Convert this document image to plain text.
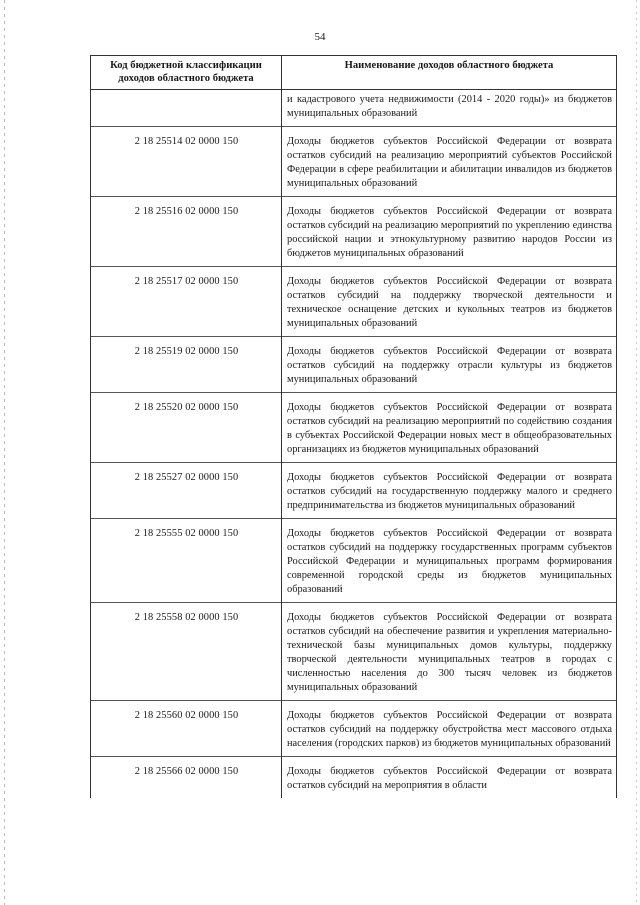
54
Код бюджетной классификации доходов областного бюджета	Наименование доходов областного бюджета
	и кадастрового учета недвижимости (2014 - 2020 годы)» из бюджетов муниципальных образований
2 18 25514 02 0000 150	Доходы бюджетов субъектов Российской Федерации от возврата остатков субсидий на реализацию мероприятий субъектов Российской Федерации в сфере реабилитации и абилитации инвалидов из бюджетов муниципальных образований
2 18 25516 02 0000 150	Доходы бюджетов субъектов Российской Федерации от возврата остатков субсидий на реализацию мероприятий по укреплению единства российской нации и этнокультурному развитию народов России из бюджетов муниципальных образований
2 18 25517 02 0000 150	Доходы бюджетов субъектов Российской Федерации от возврата остатков субсидий на поддержку творческой деятельности и техническое оснащение детских и кукольных театров из бюджетов муниципальных образований
2 18 25519 02 0000 150	Доходы бюджетов субъектов Российской Федерации от возврата остатков субсидий на поддержку отрасли культуры из бюджетов муниципальных образований
2 18 25520 02 0000 150	Доходы бюджетов субъектов Российской Федерации от возврата остатков субсидий на реализацию мероприятий по содействию создания в субъектах Российской Федерации новых мест в общеобразовательных организациях из бюджетов муниципальных образований
2 18 25527 02 0000 150	Доходы бюджетов субъектов Российской Федерации от возврата остатков субсидий на государственную поддержку малого и среднего предпринимательства из бюджетов муниципальных образований
2 18 25555 02 0000 150	Доходы бюджетов субъектов Российской Федерации от возврата остатков субсидий на поддержку государственных программ субъектов Российской Федерации и муниципальных программ формирования современной городской среды из бюджетов муниципальных образований
2 18 25558 02 0000 150	Доходы бюджетов субъектов Российской Федерации от возврата остатков субсидий на обеспечение развития и укрепления материально-технической базы муниципальных домов культуры, поддержку творческой деятельности муниципальных театров в городах с численностью населения до 300 тысяч человек из бюджетов муниципальных образований
2 18 25560 02 0000 150	Доходы бюджетов субъектов Российской Федерации от возврата остатков субсидий на поддержку обустройства мест массового отдыха населения (городских парков) из бюджетов муниципальных образований
2 18 25566 02 0000 150	Доходы бюджетов субъектов Российской Федерации от возврата остатков субсидий на мероприятия в области
